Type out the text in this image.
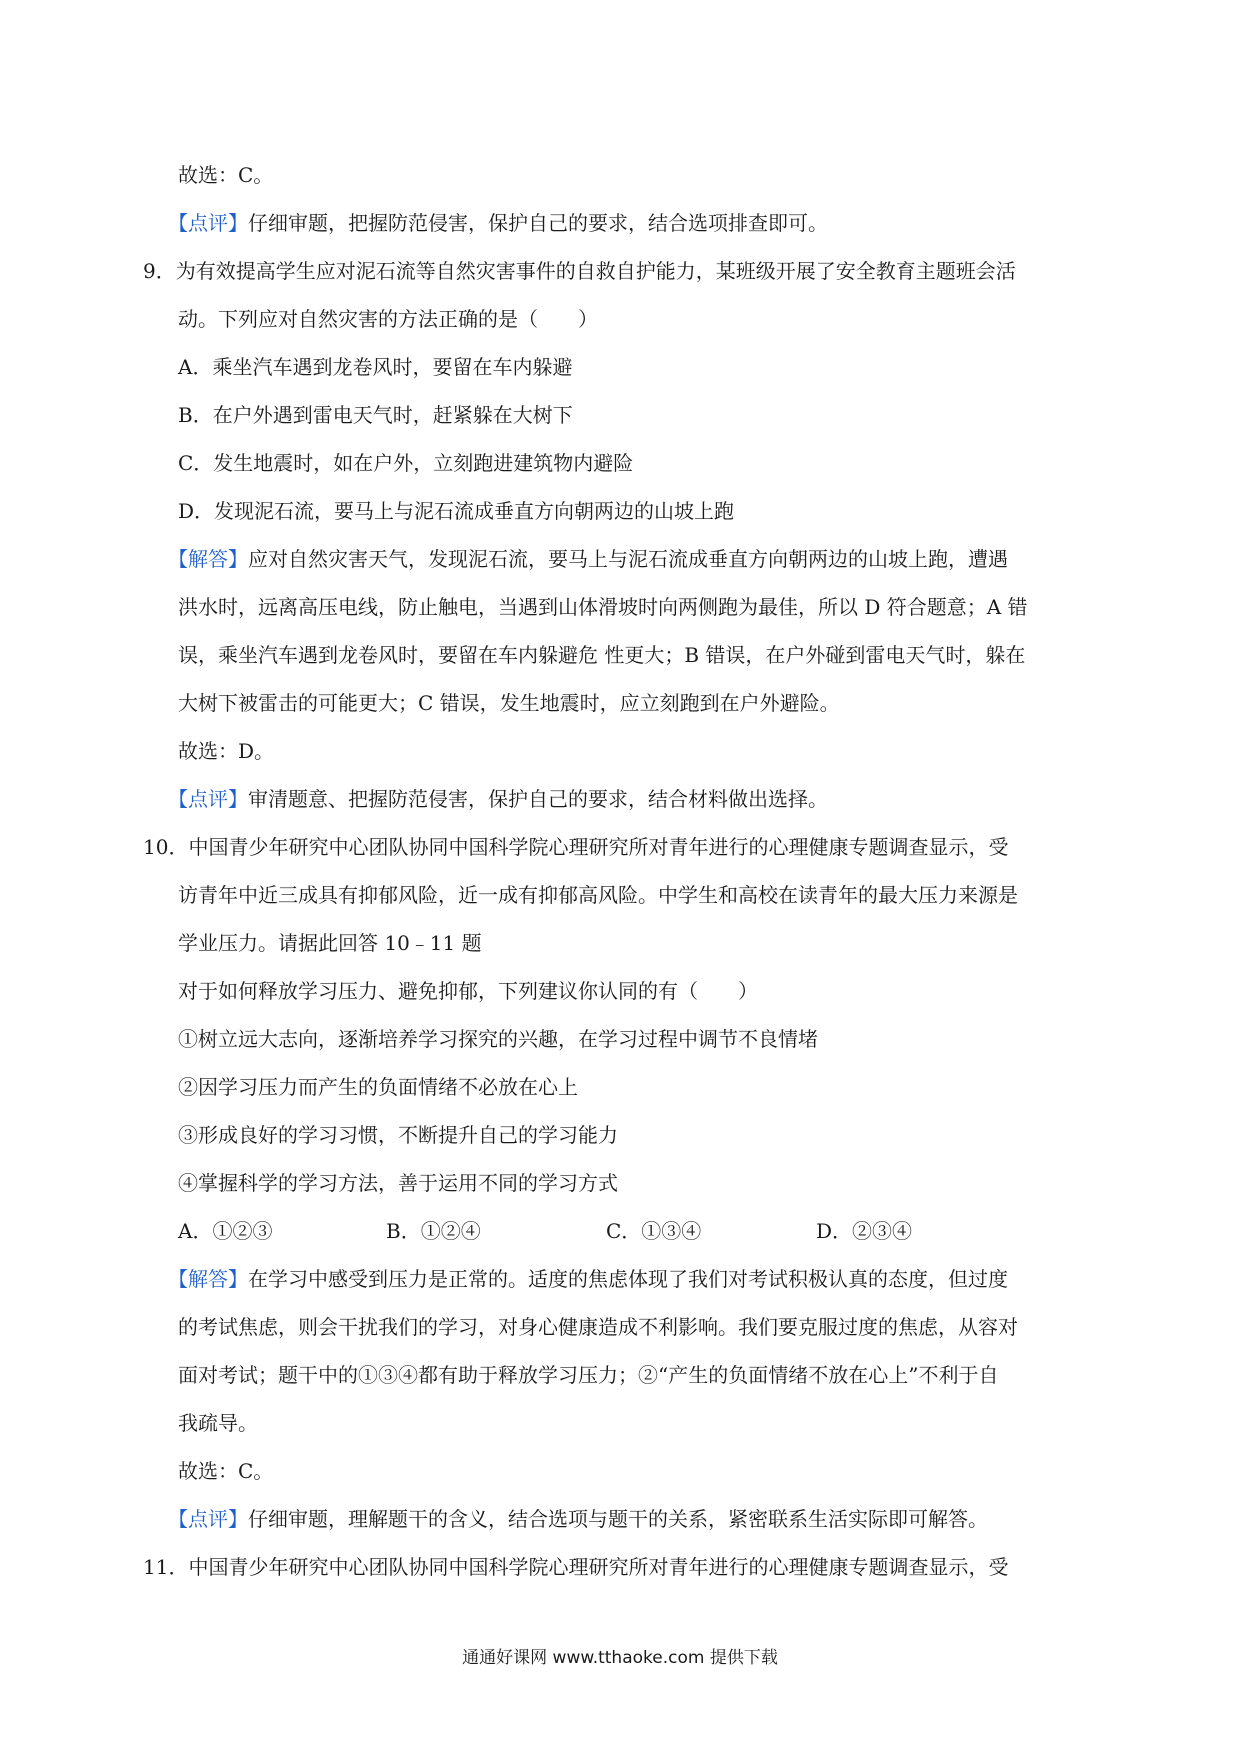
故选：C。
【点评】仔细审题，把握防范侵害，保护自己的要求，结合选项排查即可。
9．为有效提高学生应对泥石流等自然灾害事件的自救自护能力，某班级开展了安全教育主题班会活
动。下列应对自然灾害的方法正确的是（　　）
A．乘坐汽车遇到龙卷风时，要留在车内躲避
B．在户外遇到雷电天气时，赶紧躲在大树下
C．发生地震时，如在户外，立刻跑进建筑物内避险
D．发现泥石流，要马上与泥石流成垂直方向朝两边的山坡上跑
【解答】应对自然灾害天气，发现泥石流，要马上与泥石流成垂直方向朝两边的山坡上跑，遭遇
洪水时，远离高压电线，防止触电，当遇到山体滑坡时向两侧跑为最佳，所以 D 符合题意；A 错
误，乘坐汽车遇到龙卷风时，要留在车内躲避危 性更大；B 错误，在户外碰到雷电天气时，躲在
大树下被雷击的可能更大；C 错误，发生地震时，应立刻跑到在户外避险。
故选：D。
【点评】审清题意、把握防范侵害，保护自己的要求，结合材料做出选择。
10．中国青少年研究中心团队协同中国科学院心理研究所对青年进行的心理健康专题调查显示，受
访青年中近三成具有抑郁风险，近一成有抑郁高风险。中学生和高校在读青年的最大压力来源是
学业压力。请据此回答 10﹣11 题
对于如何释放学习压力、避免抑郁，下列建议你认同的有（　　）
①树立远大志向，逐渐培养学习探究的兴趣，在学习过程中调节不良情堵
②因学习压力而产生的负面情绪不必放在心上
③形成良好的学习习惯，不断提升自己的学习能力
④掌握科学的学习方法，善于运用不同的学习方式
A．①②③	B．①②④	C．①③④	D．②③④
【解答】在学习中感受到压力是正常的。适度的焦虑体现了我们对考试积极认真的态度，但过度
的考试焦虑，则会干扰我们的学习，对身心健康造成不利影响。我们要克服过度的焦虑，从容对
面对考试；题干中的①③④都有助于释放学习压力；②“产生的负面情绪不放在心上”不利于自
我疏导。
故选：C。
【点评】仔细审题，理解题干的含义，结合选项与题干的关系，紧密联系生活实际即可解答。
11．中国青少年研究中心团队协同中国科学院心理研究所对青年进行的心理健康专题调查显示，受
通通好课网 www.tthaoke.com 提供下载
